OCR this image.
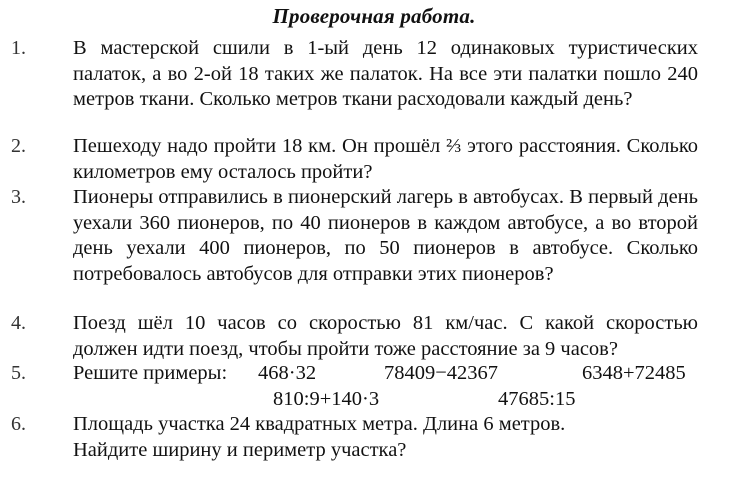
Проверочная работа.
1. В мастерской сшили в 1-ый день 12 одинаковых туристических палаток, а во 2-ой 18 таких же палаток. На все эти палатки пошло 240 метров ткани. Сколько метров ткани расходовали каждый день?
2. Пешеходу надо пройти 18 км. Он прошёл ⅔ этого расстояния. Сколько километров ему осталось пройти?
3. Пионеры отправились в пионерский лагерь в автобусах. В первый день уехали 360 пионеров, по 40 пионеров в каждом автобусе, а во второй день уехали 400 пионеров, по 50 пионеров в автобусе. Сколько потребовалось автобусов для отправки этих пионеров?
4. Поезд шёл 10 часов со скоростью 81 км/час. С какой скоростью должен идти поезд, чтобы пройти тоже расстояние за 9 часов?
5. Решите примеры: 468·32	78409−42367	6348+72485
810:9+140·3	47685:15
6. Площадь участка 24 квадратных метра. Длина 6 метров.
Найдите ширину и периметр участка?
